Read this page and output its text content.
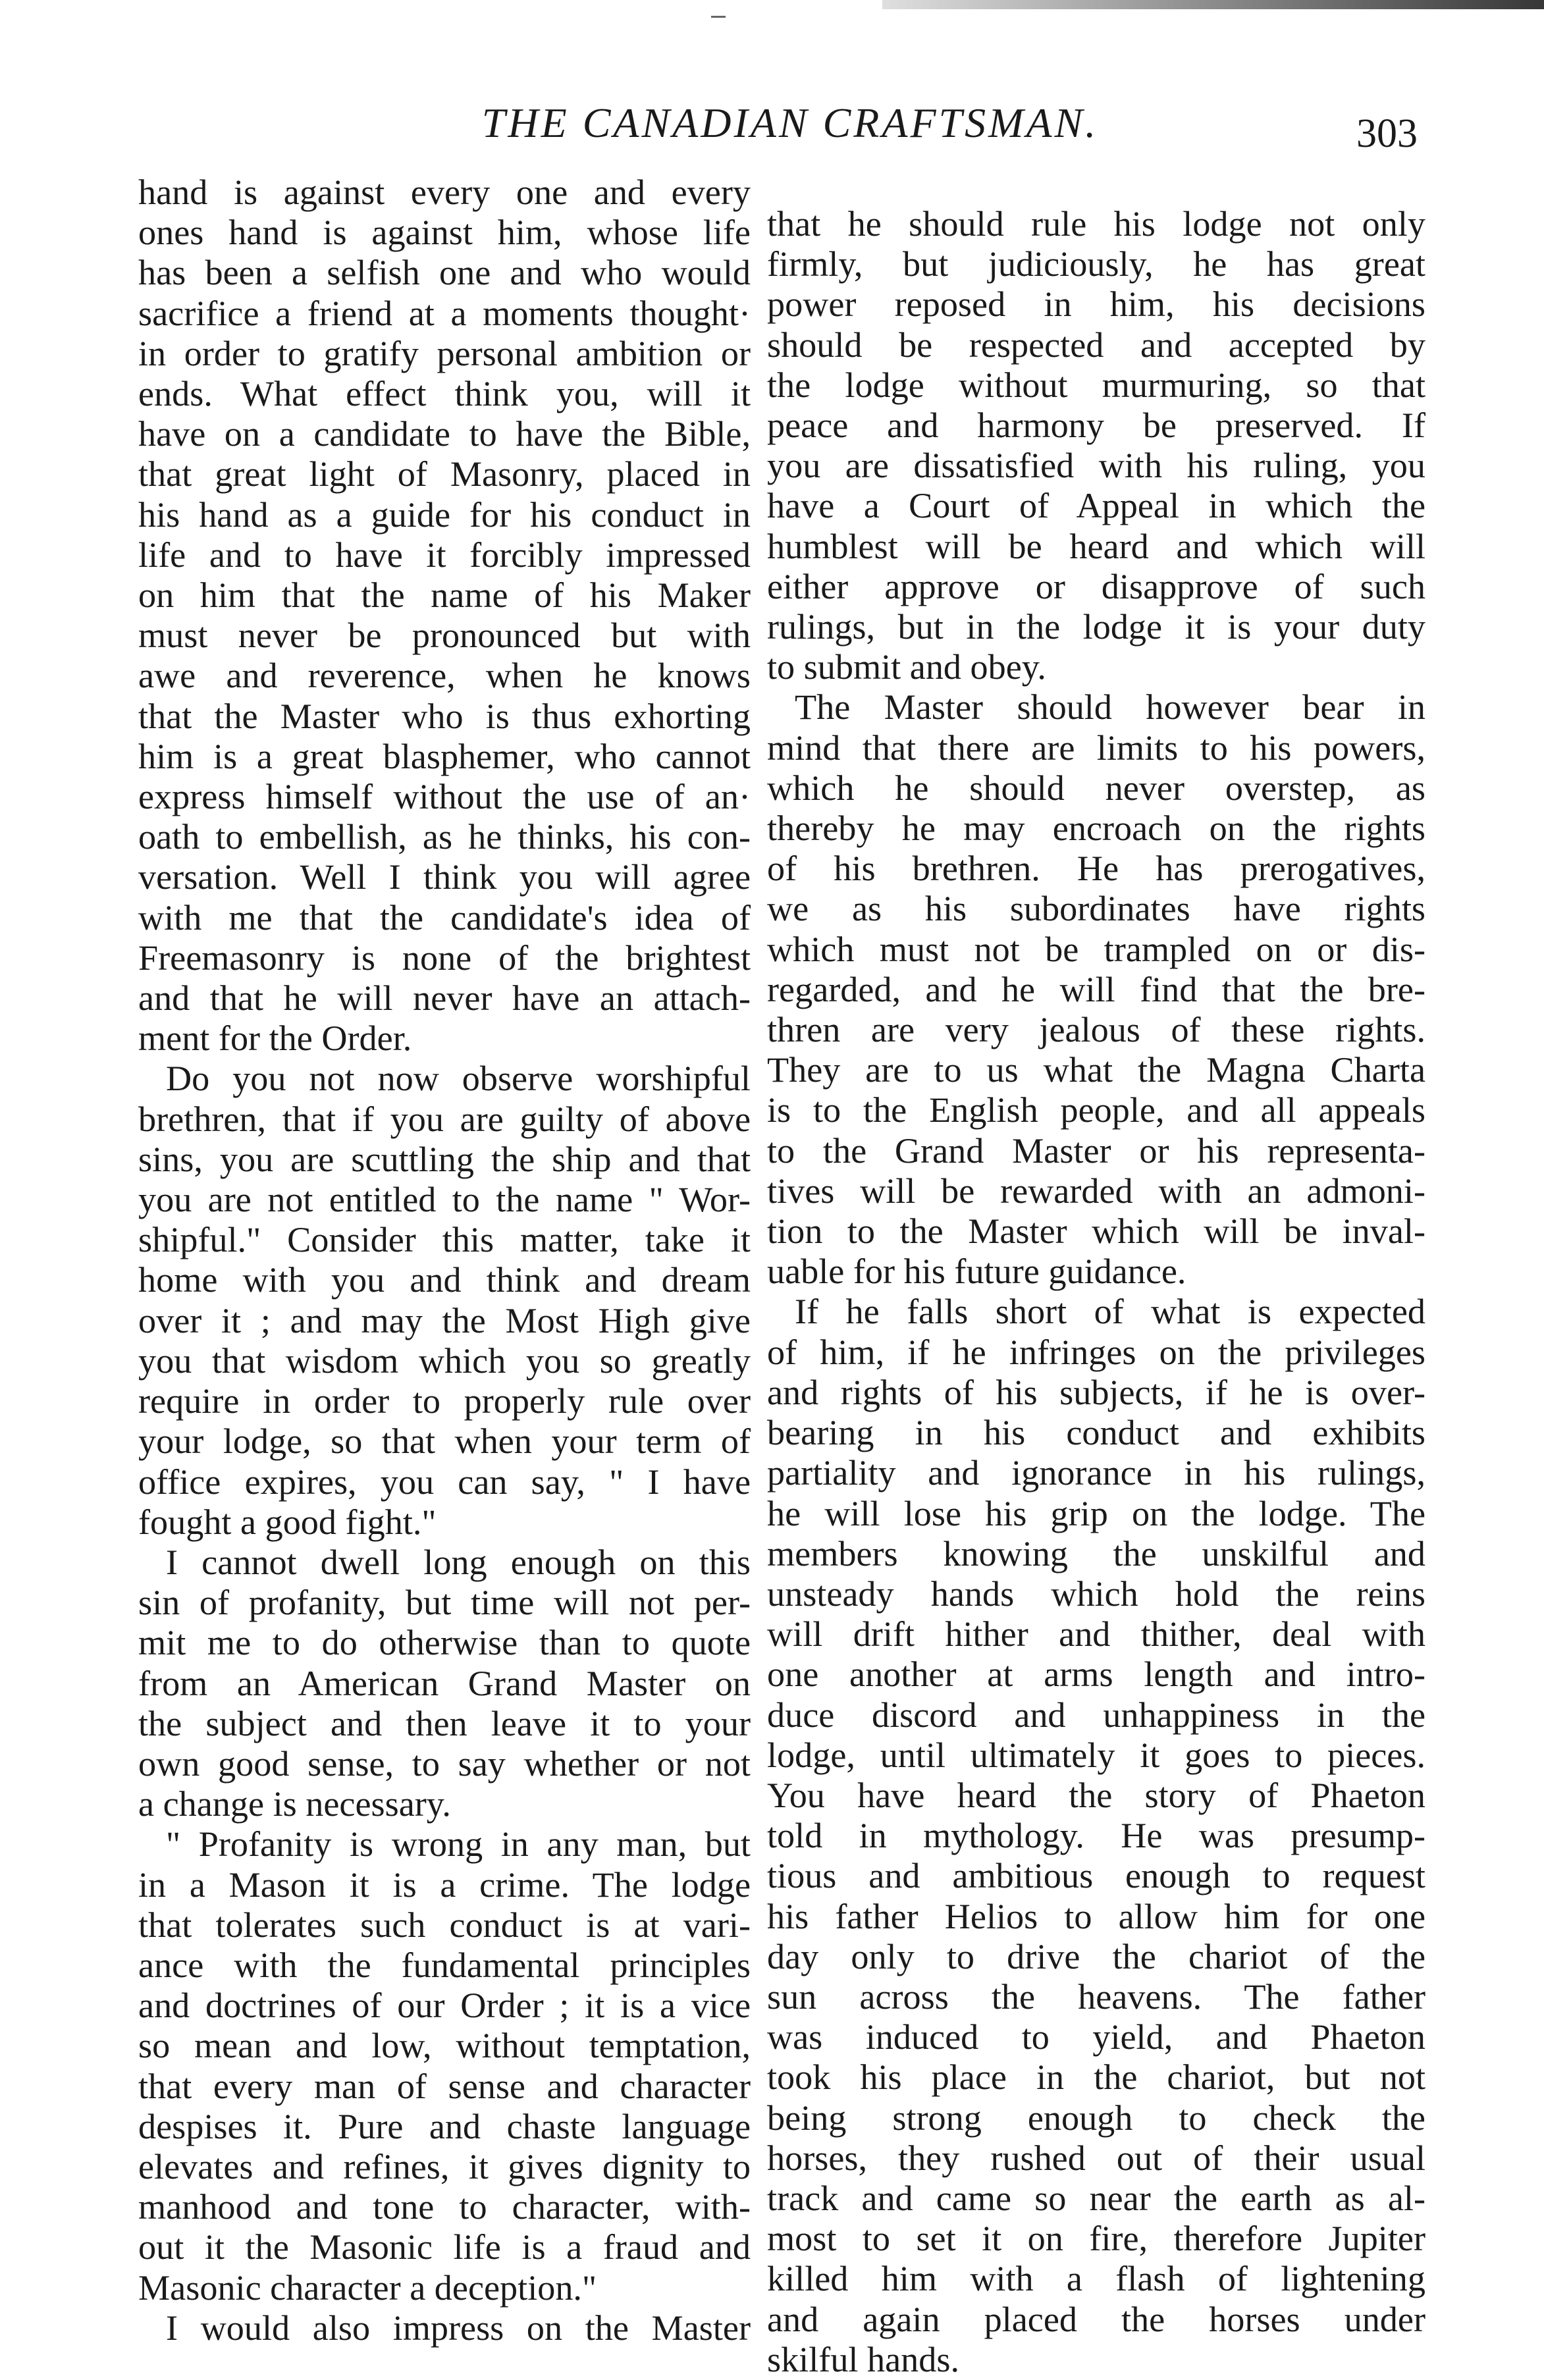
THE CANADIAN CRAFTSMAN.	303
hand is against every one and every
ones hand is against him, whose life
has been a selfish one and who would
sacrifice a friend at a moments thought·
in order to gratify personal ambition or
ends. What effect think you, will it
have on a candidate to have the Bible,
that great light of Masonry, placed in
his hand as a guide for his conduct in
life and to have it forcibly impressed
on him that the name of his Maker
must never be pronounced but with
awe and reverence, when he knows
that the Master who is thus exhorting
him is a great blasphemer, who cannot
express himself without the use of an·
oath to embellish, as he thinks, his con-
versation. Well I think you will agree
with me that the candidate's idea of
Freemasonry is none of the brightest
and that he will never have an attach-
ment for the Order.
Do you not now observe worshipful
brethren, that if you are guilty of above
sins, you are scuttling the ship and that
you are not entitled to the name " Wor-
shipful." Consider this matter, take it
home with you and think and dream
over it ; and may the Most High give
you that wisdom which you so greatly
require in order to properly rule over
your lodge, so that when your term of
office expires, you can say, " I have
fought a good fight."
I cannot dwell long enough on this
sin of profanity, but time will not per-
mit me to do otherwise than to quote
from an American Grand Master on
the subject and then leave it to your
own good sense, to say whether or not
a change is necessary.
" Profanity is wrong in any man, but
in a Mason it is a crime. The lodge
that tolerates such conduct is at vari-
ance with the fundamental principles
and doctrines of our Order ; it is a vice
so mean and low, without temptation,
that every man of sense and character
despises it. Pure and chaste language
elevates and refines, it gives dignity to
manhood and tone to character, with-
out it the Masonic life is a fraud and
Masonic character a deception."
I would also impress on the Master
that he should rule his lodge not only
firmly, but judiciously, he has great
power reposed in him, his decisions
should be respected and accepted by
the lodge without murmuring, so that
peace and harmony be preserved. If
you are dissatisfied with his ruling, you
have a Court of Appeal in which the
humblest will be heard and which will
either approve or disapprove of such
rulings, but in the lodge it is your duty
to submit and obey.
The Master should however bear in
mind that there are limits to his powers,
which he should never overstep, as
thereby he may encroach on the rights
of his brethren. He has prerogatives,
we as his subordinates have rights
which must not be trampled on or dis-
regarded, and he will find that the bre-
thren are very jealous of these rights.
They are to us what the Magna Charta
is to the English people, and all appeals
to the Grand Master or his representa-
tives will be rewarded with an admoni-
tion to the Master which will be inval-
uable for his future guidance.
If he falls short of what is expected
of him, if he infringes on the privileges
and rights of his subjects, if he is over-
bearing in his conduct and exhibits
partiality and ignorance in his rulings,
he will lose his grip on the lodge. The
members knowing the unskilful and
unsteady hands which hold the reins
will drift hither and thither, deal with
one another at arms length and intro-
duce discord and unhappiness in the
lodge, until ultimately it goes to pieces.
You have heard the story of Phaeton
told in mythology. He was presump-
tious and ambitious enough to request
his father Helios to allow him for one
day only to drive the chariot of the
sun across the heavens. The father
was induced to yield, and Phaeton
took his place in the chariot, but not
being strong enough to check the
horses, they rushed out of their usual
track and came so near the earth as al-
most to set it on fire, therefore Jupiter
killed him with a flash of lightening
and again placed the horses under
skilful hands.
